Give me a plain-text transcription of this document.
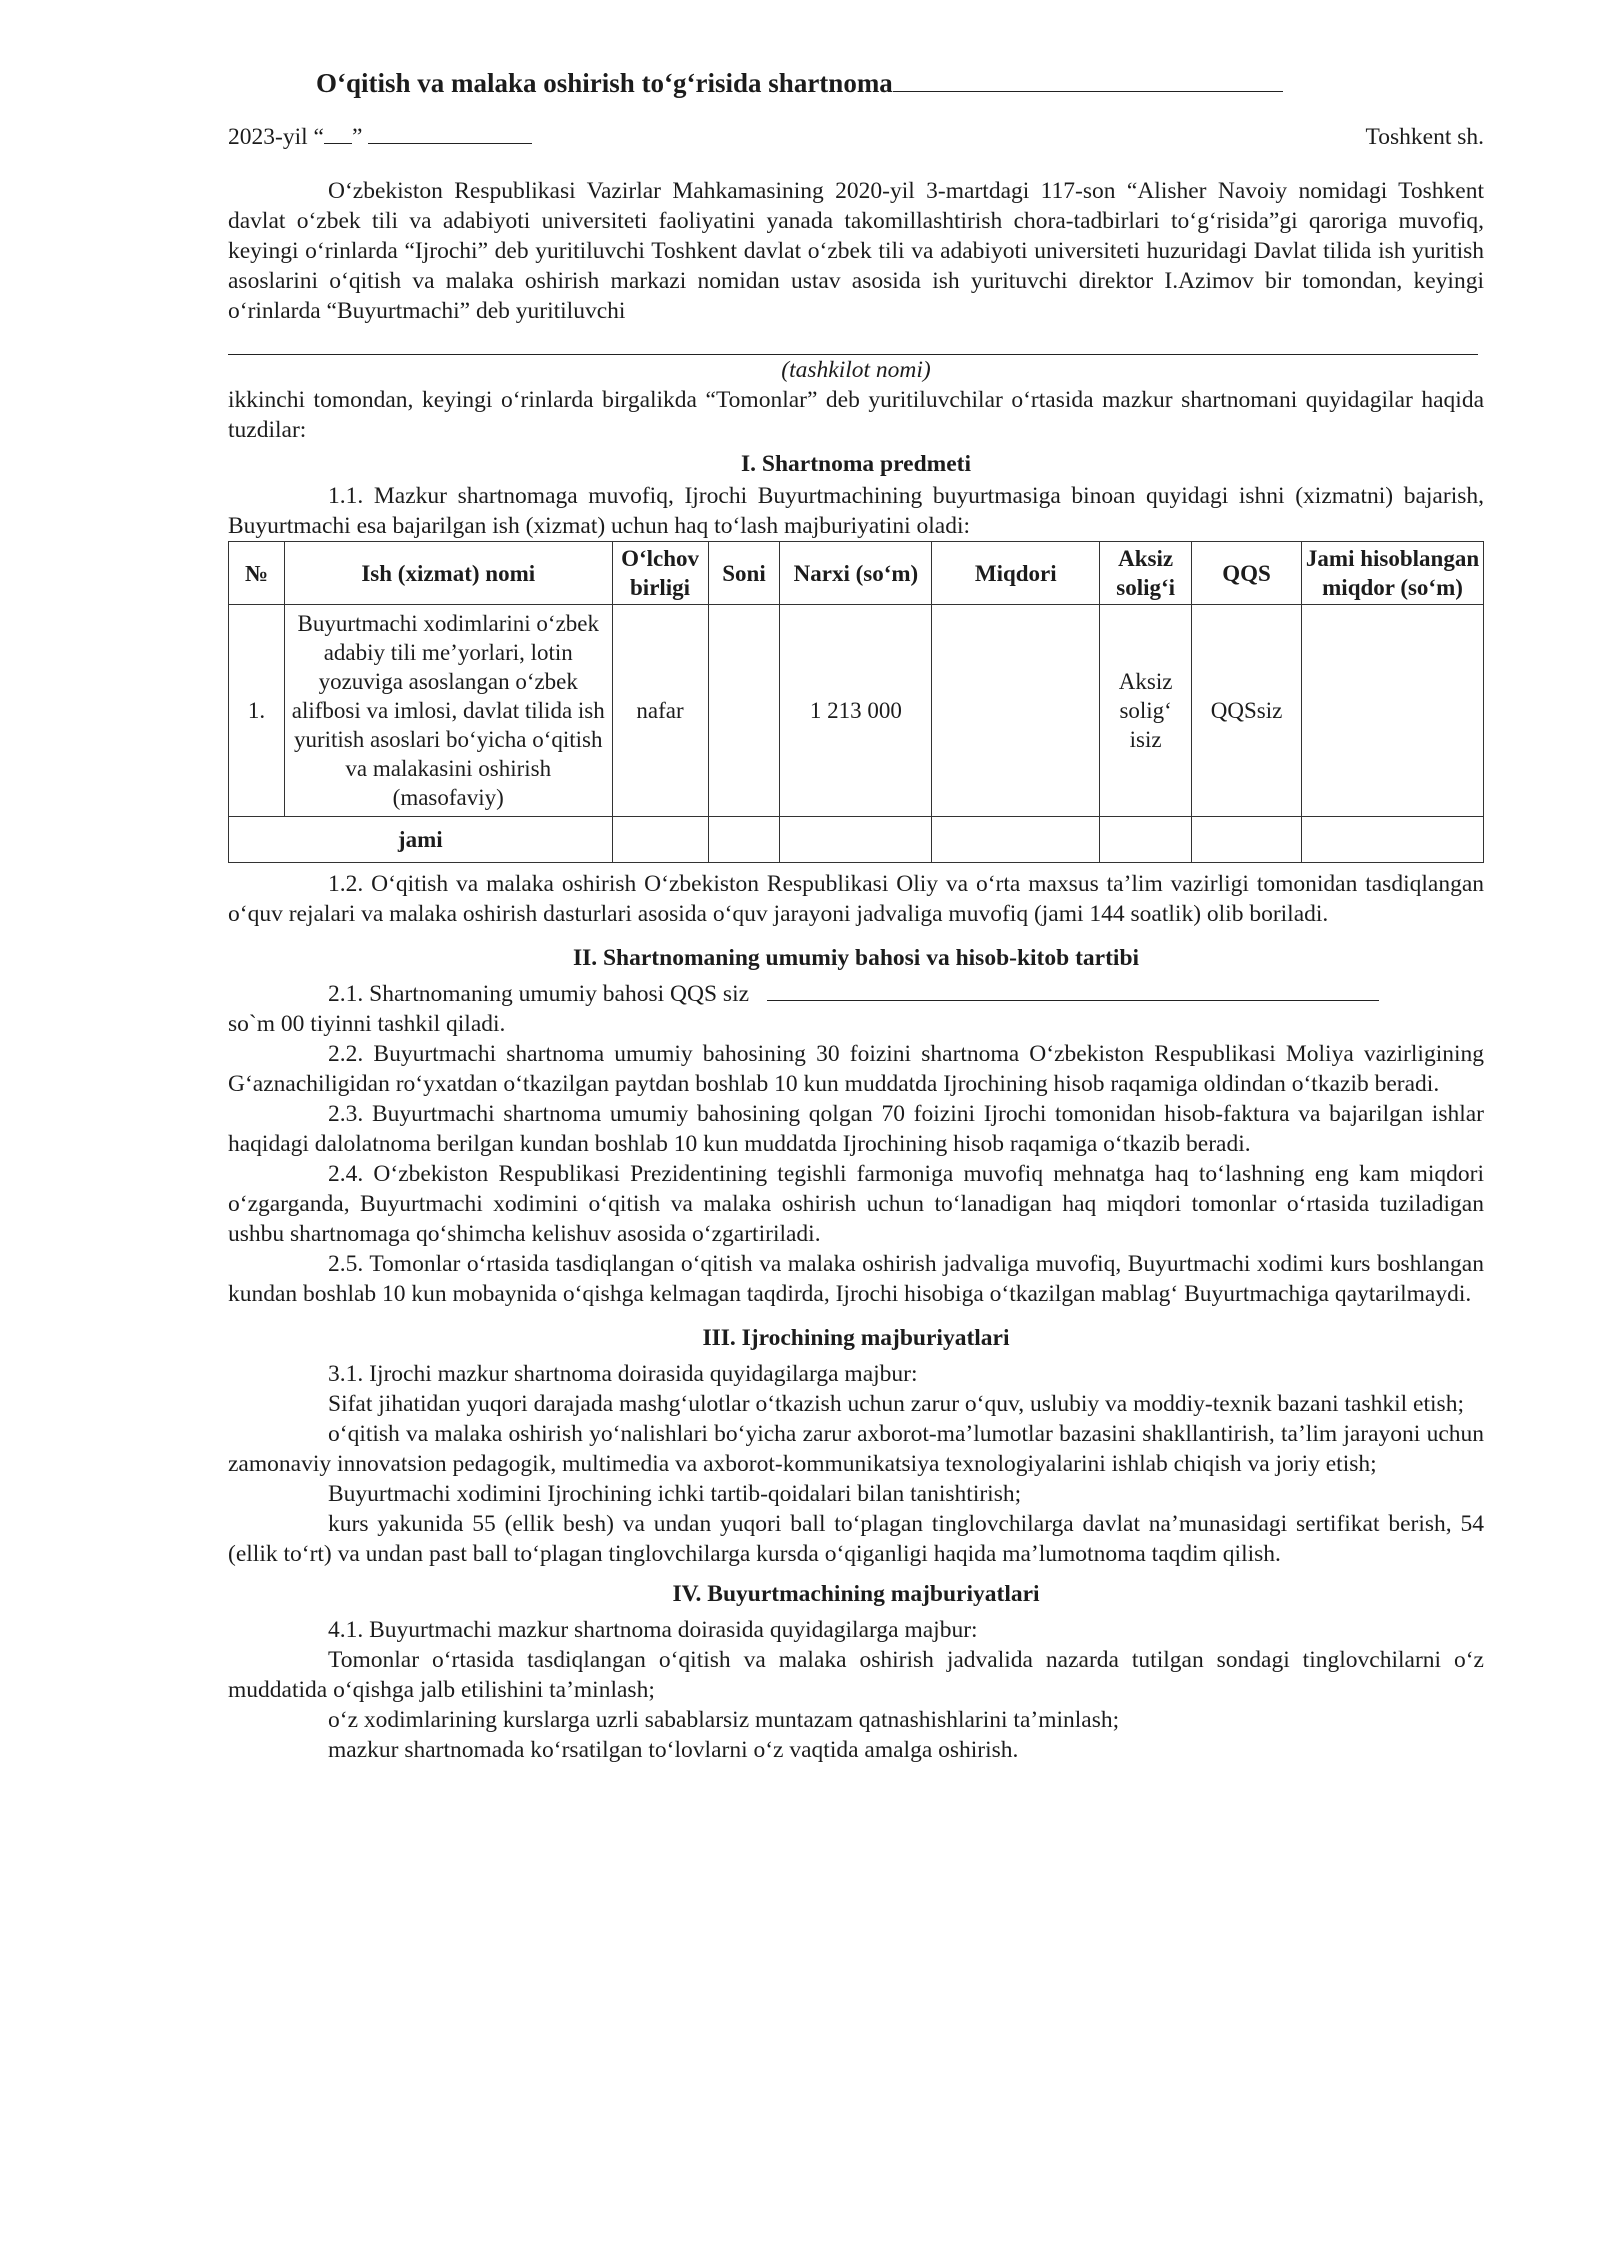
O‘qitish va malaka oshirish to‘g‘risida shartnoma
2023-yil “ ”	Toshkent sh.

O‘zbekiston Respublikasi Vazirlar Mahkamasining 2020-yil 3-martdagi 117-son “Alisher Navoiy nomidagi Toshkent davlat o‘zbek tili va adabiyoti universiteti faoliyatini yanada takomillashtirish chora-tadbirlari to‘g‘risida”gi qaroriga muvofiq, keyingi o‘rinlarda “Ijrochi” deb yuritiluvchi Toshkent davlat o‘zbek tili va adabiyoti universiteti huzuridagi Davlat tilida ish yuritish asoslarini o‘qitish va malaka oshirish markazi nomidan ustav asosida ish yurituvchi direktor I.Azimov bir tomondan, keyingi o‘rinlarda “Buyurtmachi” deb yuritiluvchi

(tashkilot nomi)

ikkinchi tomondan, keyingi o‘rinlarda birgalikda “Tomonlar” deb yuritiluvchilar o‘rtasida mazkur shartnomani quyidagilar haqida tuzdilar:

I. Shartnoma predmeti

1.1. Mazkur shartnomaga muvofiq, Ijrochi Buyurtmachining buyurtmasiga binoan quyidagi ishni (xizmatni) bajarish, Buyurtmachi esa bajarilgan ish (xizmat) uchun haq to‘lash majburiyatini oladi:

№	Ish (xizmat) nomi	O‘lchov birligi	Soni	Narxi (so‘m)	Miqdori	Aksiz solig‘i	QQS	Jami hisoblangan miqdor (so‘m)
1.	Buyurtmachi xodimlarini o‘zbek adabiy tili me’yorlari, lotin yozuviga asoslangan o‘zbek alifbosi va imlosi, davlat tilida ish yuritish asoslari bo‘yicha o‘qitish va malakasini oshirish (masofaviy)	nafar		1 213 000		Aksiz solig‘ isiz	QQSsiz	
jami								

1.2. O‘qitish va malaka oshirish O‘zbekiston Respublikasi Oliy va o‘rta maxsus ta’lim vazirligi tomonidan tasdiqlangan o‘quv rejalari va malaka oshirish dasturlari asosida o‘quv jarayoni jadvaliga muvofiq (jami 144 soatlik) olib boriladi.

II. Shartnomaning umumiy bahosi va hisob-kitob tartibi

2.1. Shartnomaning umumiy bahosi QQS siz

so`m 00 tiyinni tashkil qiladi.

2.2. Buyurtmachi shartnoma umumiy bahosining 30 foizini shartnoma O‘zbekiston Respublikasi Moliya vazirligining G‘aznachiligidan ro‘yxatdan o‘tkazilgan paytdan boshlab 10 kun muddatda Ijrochining hisob raqamiga oldindan o‘tkazib beradi.

2.3. Buyurtmachi shartnoma umumiy bahosining qolgan 70 foizini Ijrochi tomonidan hisob-faktura va bajarilgan ishlar haqidagi dalolatnoma berilgan kundan boshlab 10 kun muddatda Ijrochining hisob raqamiga o‘tkazib beradi.

2.4. O‘zbekiston Respublikasi Prezidentining tegishli farmoniga muvofiq mehnatga haq to‘lashning eng kam miqdori o‘zgarganda, Buyurtmachi xodimini o‘qitish va malaka oshirish uchun to‘lanadigan haq miqdori tomonlar o‘rtasida tuziladigan ushbu shartnomaga qo‘shimcha kelishuv asosida o‘zgartiriladi.

2.5. Tomonlar o‘rtasida tasdiqlangan o‘qitish va malaka oshirish jadvaliga muvofiq, Buyurtmachi xodimi kurs boshlangan kundan boshlab 10 kun mobaynida o‘qishga kelmagan taqdirda, Ijrochi hisobiga o‘tkazilgan mablag‘ Buyurtmachiga qaytarilmaydi.

III. Ijrochining majburiyatlari

3.1. Ijrochi mazkur shartnoma doirasida quyidagilarga majbur:

Sifat jihatidan yuqori darajada mashg‘ulotlar o‘tkazish uchun zarur o‘quv, uslubiy va moddiy-texnik bazani tashkil etish;

o‘qitish va malaka oshirish yo‘nalishlari bo‘yicha zarur axborot-ma’lumotlar bazasini shakllantirish, ta’lim jarayoni uchun zamonaviy innovatsion pedagogik, multimedia va axborot-kommunikatsiya texnologiyalarini ishlab chiqish va joriy etish;

Buyurtmachi xodimini Ijrochining ichki tartib-qoidalari bilan tanishtirish;

kurs yakunida 55 (ellik besh) va undan yuqori ball to‘plagan tinglovchilarga davlat na’munasidagi sertifikat berish, 54 (ellik to‘rt) va undan past ball to‘plagan tinglovchilarga kursda o‘qiganligi haqida ma’lumotnoma taqdim qilish.

IV. Buyurtmachining majburiyatlari

4.1. Buyurtmachi mazkur shartnoma doirasida quyidagilarga majbur:

Tomonlar o‘rtasida tasdiqlangan o‘qitish va malaka oshirish jadvalida nazarda tutilgan sondagi tinglovchilarni o‘z muddatida o‘qishga jalb etilishini ta’minlash;

o‘z xodimlarining kurslarga uzrli sabablarsiz muntazam qatnashishlarini ta’minlash;

mazkur shartnomada ko‘rsatilgan to‘lovlarni o‘z vaqtida amalga oshirish.
